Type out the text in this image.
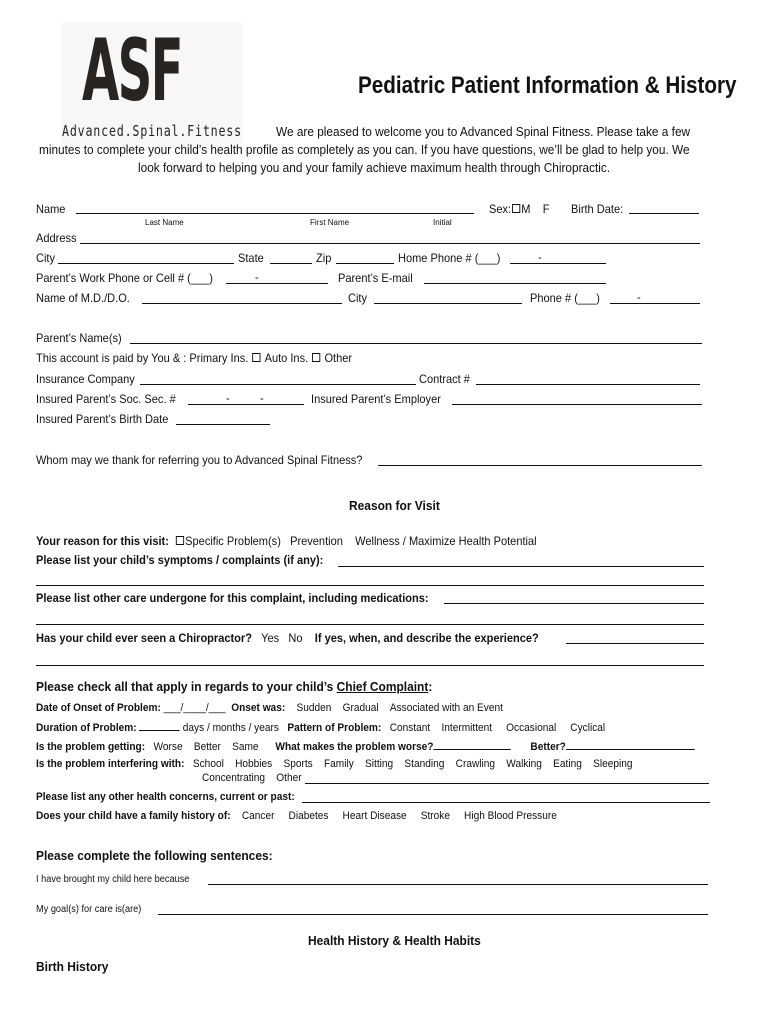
ASF
Advanced.Spinal.Fitness
Pediatric Patient Information & History
We are pleased to welcome you to Advanced Spinal Fitness. Please take a few
minutes to complete your child’s health profile as completely as you can. If you have questions, we’ll be glad to help you. We
look forward to helping you and your family achieve maximum health through Chiropractic.
Name	Sex: M F Birth Date:
Last Name	First Name	Initial
Address
City	State	Zip	Home Phone # (___)	-
Parent’s Work Phone or Cell # (___)	-	Parent’s E-mail
Name of M.D./D.O.	City	Phone # (___)	-
Parent’s Name(s)
This account is paid by You & : Primary Ins. Auto Ins. Other
Insurance Company	Contract #
Insured Parent’s Soc. Sec. #	-	-	Insured Parent’s Employer
Insured Parent’s Birth Date
Whom may we thank for referring you to Advanced Spinal Fitness?
Reason for Visit
Your reason for this visit: Specific Problem(s) Prevention Wellness / Maximize Health Potential
Please list your child’s symptoms / complaints (if any):
Please list other care undergone for this complaint, including medications:
Has your child ever seen a Chiropractor? Yes No If yes, when, and describe the experience?
Please check all that apply in regards to your child’s Chief Complaint:
Date of Onset of Problem: ___/____/___ Onset was: Sudden Gradual Associated with an Event
Duration of Problem:	days / months / years Pattern of Problem: Constant Intermittent Occasional Cyclical
Is the problem getting: Worse Better Same What makes the problem worse?	Better?
Is the problem interfering with: School Hobbies Sports Family Sitting Standing Crawling Walking Eating Sleeping
Concentrating Other
Please list any other health concerns, current or past:
Does your child have a family history of: Cancer Diabetes Heart Disease Stroke High Blood Pressure
Please complete the following sentences:
I have brought my child here because
My goal(s) for care is(are)
Health History & Health Habits
Birth History
